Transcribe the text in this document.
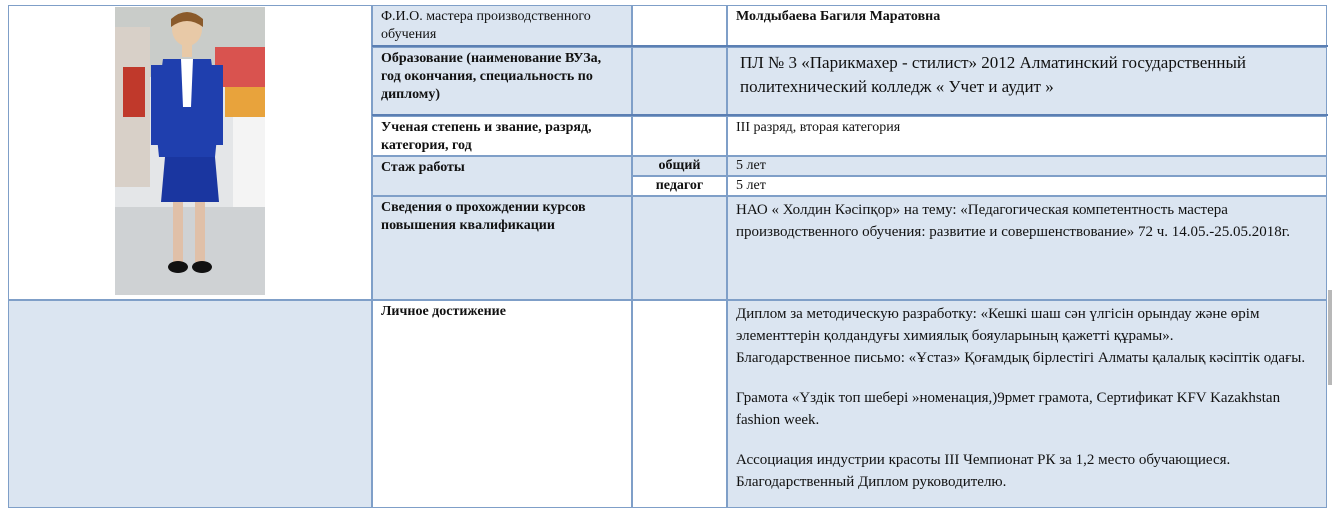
Ф.И.О. мастера производственного обучения
Молдыбаева Багиля Маратовна
Образование (наименование ВУЗа, год окончания, специальность по диплому)
ПЛ № 3 «Парикмахер - стилист» 2012 Алматинский государственный политехнический колледж « Учет и аудит »
Ученая степень и звание, разряд, категория, год
III разряд, вторая категория
Стаж работы	общий	5 лет
педагог	5 лет
Сведения о прохождении курсов повышения квалификации
НАО « Холдин Кәсіпқор» на тему: «Педагогическая компетентность мастера производственного обучения: развитие и совершенствование» 72 ч. 14.05.-25.05.2018г.
Личное достижение	Диплом за методическую разработку: «Кешкі шаш сән үлгісін орындау және өрім элементтерін қолдандуғы химиялық бояуларының қажетті құрамы».
Благодарственное письмо: «Ұстаз» Қоғамдық бірлестігі Алматы қалалық кәсіптік одағы.
Грамота «Үздік топ шебері »номенация,)9рмет грамота, Сертификат KFV Kazakhstan fashion week.
Ассоциация индустрии красоты III Чемпионат РК за 1,2 место обучающиеся. Благодарственный Диплом руководителю.
